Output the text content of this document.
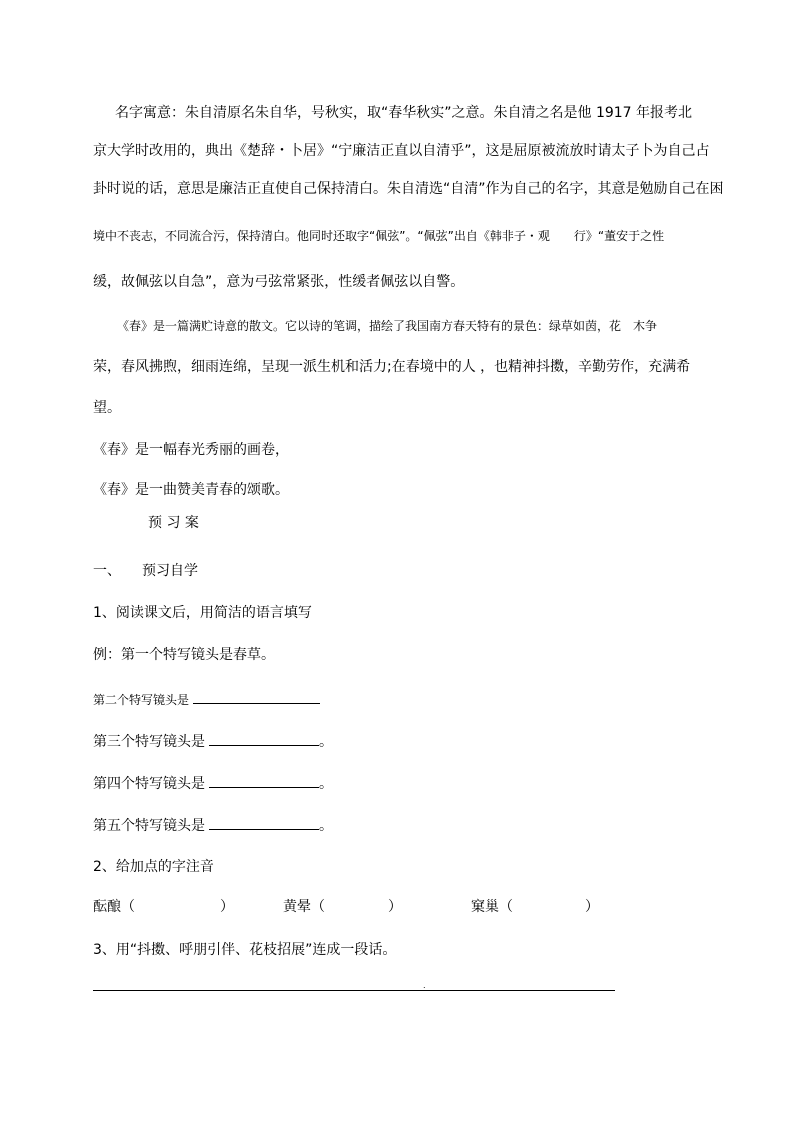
名字寓意：朱自清原名朱自华，号秋实，取“春华秋实”之意。朱自清之名是他 1917 年报考北
京大学时改用的，典出《楚辞・卜居》“宁廉洁正直以自清乎”，这是屈原被流放时请太子卜为自己占
卦时说的话，意思是廉洁正直使自己保持清白。朱自清选“自清”作为自己的名字，其意是勉励自己在困
境中不丧志，不同流合污，保持清白。他同时还取字“佩弦”。“佩弦”出自《韩非子・观　　行》“董安于之性
缓，故佩弦以自急”，意为弓弦常紧张，性缓者佩弦以自警。
《春》是一篇满贮诗意的散文。它以诗的笔调，描绘了我国南方春天特有的景色：绿草如茵，花　木争
荣，春风拂煦，细雨连绵，呈现一派生机和活力;在春境中的人 ，也精神抖擞，辛勤劳作，充满希
望。
《春》是一幅春光秀丽的画卷，
《春》是一曲赞美青春的颂歌。
预 习 案
一、 预习自学
1、阅读课文后，用简洁的语言填写
例：第一个特写镜头是春草。
第二个特写镜头是
第三个特写镜头是	。
第四个特写镜头是	。
第五个特写镜头是	。
2、给加点的字注音
酝酿（	）	黄晕（	）	窠巢（	）
3、用“抖擞、呼朋引伴、花枝招展”连成一段话。
.
